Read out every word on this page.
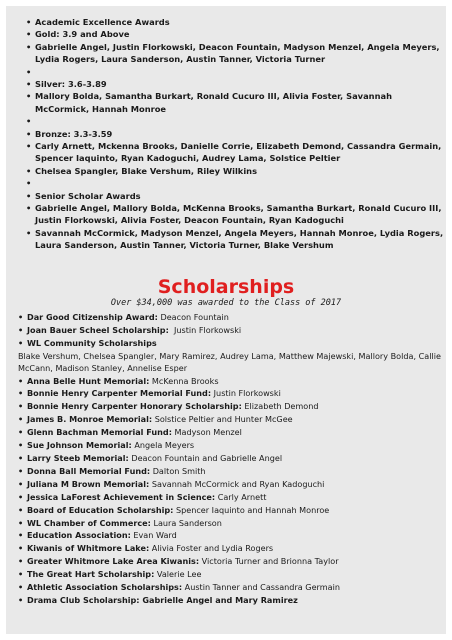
• Academic Excellence Awards
• Gold: 3.9 and Above
• Gabrielle Angel, Justin Florkowski, Deacon Fountain, Madyson Menzel, Angela Meyers, Lydia Rogers, Laura Sanderson, Austin Tanner, Victoria Turner
•
• Silver: 3.6-3.89
• Mallory Bolda, Samantha Burkart, Ronald Cucuro III, Alivia Foster, Savannah McCormick, Hannah Monroe
•
• Bronze: 3.3-3.59
• Carly Arnett, Mckenna Brooks, Danielle Corrie, Elizabeth Demond, Cassandra Germain, Spencer Iaquinto, Ryan Kadoguchi, Audrey Lama, Solstice Peltier
• Chelsea Spangler, Blake Vershum, Riley Wilkins
•
• Senior Scholar Awards
• Gabrielle Angel, Mallory Bolda, McKenna Brooks, Samantha Burkart, Ronald Cucuro III, Justin Florkowski, Alivia Foster, Deacon Fountain, Ryan Kadoguchi
• Savannah McCormick, Madyson Menzel, Angela Meyers, Hannah Monroe, Lydia Rogers, Laura Sanderson, Austin Tanner, Victoria Turner, Blake Vershum
Scholarships
Over $34,000 was awarded to the Class of 2017
• Dar Good Citizenship Award: Deacon Fountain
• Joan Bauer Scheel Scholarship: Justin Florkowski
• WL Community Scholarships
Blake Vershum, Chelsea Spangler, Mary Ramirez, Audrey Lama, Matthew Majewski, Mallory Bolda, Callie McCann, Madison Stanley, Annelise Esper
• Anna Belle Hunt Memorial: McKenna Brooks
• Bonnie Henry Carpenter Memorial Fund: Justin Florkowski
• Bonnie Henry Carpenter Honorary Scholarship: Elizabeth Demond
• James B. Monroe Memorial: Solstice Peltier and Hunter McGee
• Glenn Bachman Memorial Fund: Madyson Menzel
• Sue Johnson Memorial: Angela Meyers
• Larry Steeb Memorial: Deacon Fountain and Gabrielle Angel
• Donna Ball Memorial Fund: Dalton Smith
• Juliana M Brown Memorial: Savannah McCormick and Ryan Kadoguchi
• Jessica LaForest Achievement in Science: Carly Arnett
• Board of Education Scholarship: Spencer Iaquinto and Hannah Monroe
• WL Chamber of Commerce: Laura Sanderson
• Education Association: Evan Ward
• Kiwanis of Whitmore Lake: Alivia Foster and Lydia Rogers
• Greater Whitmore Lake Area Kiwanis: Victoria Turner and Brionna Taylor
• The Great Hart Scholarship: Valerie Lee
• Athletic Association Scholarships: Austin Tanner and Cassandra Germain
• Drama Club Scholarship: Gabrielle Angel and Mary Ramirez
